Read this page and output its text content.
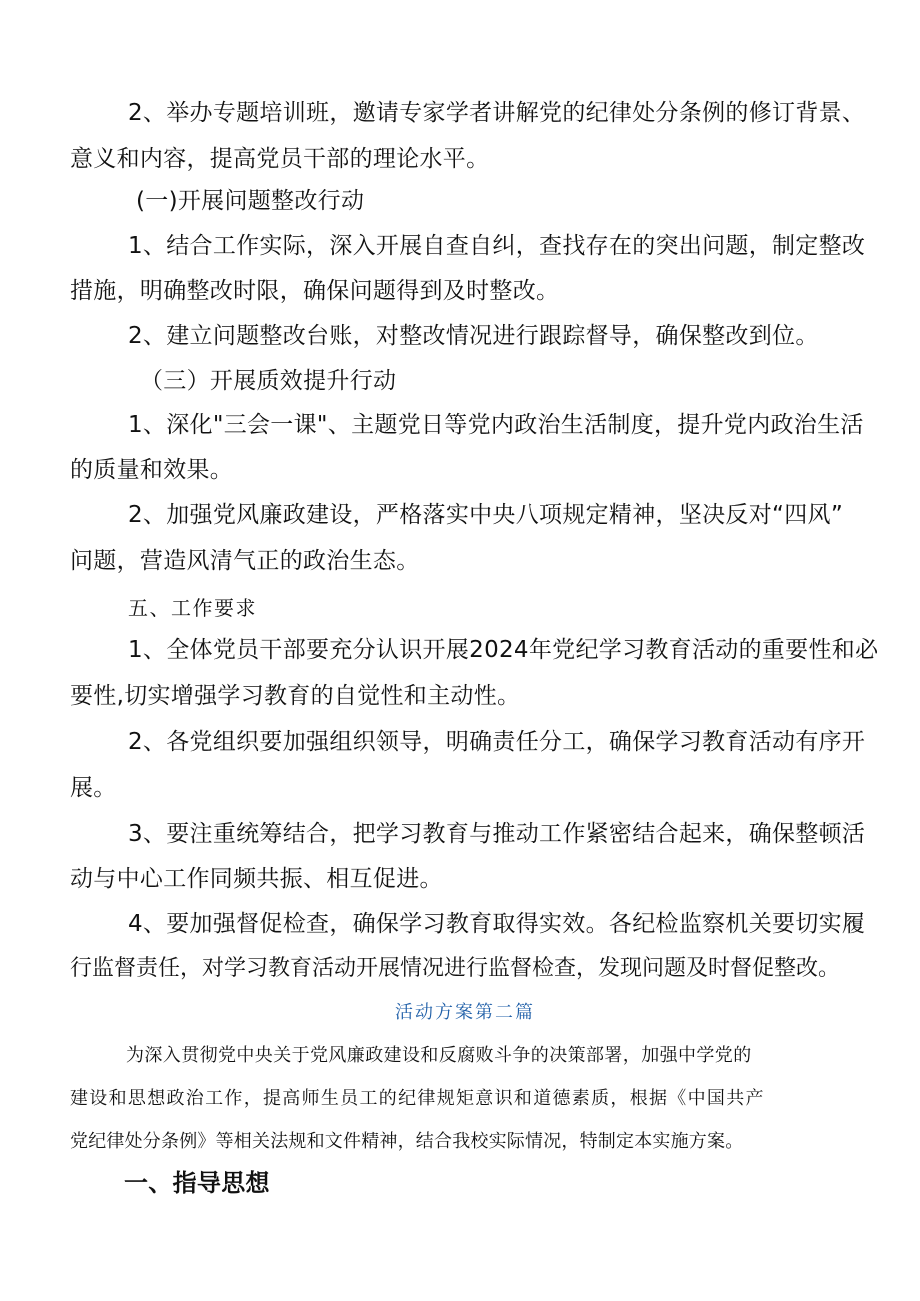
2、举办专题培训班，邀请专家学者讲解党的纪律处分条例的修订背景、
意义和内容，提高党员干部的理论水平。
(一)开展问题整改行动
1、结合工作实际，深入开展自查自纠，查找存在的突出问题，制定整改
措施，明确整改时限，确保问题得到及时整改。
2、建立问题整改台账，对整改情况进行跟踪督导，确保整改到位。
（三）开展质效提升行动
1、深化"三会一课"、主题党日等党内政治生活制度，提升党内政治生活
的质量和效果。
2、加强党风廉政建设，严格落实中央八项规定精神，坚决反对“四风”
问题，营造风清气正的政治生态。
五、工作要求
1、全体党员干部要充分认识开展2024年党纪学习教育活动的重要性和必
要性,切实增强学习教育的自觉性和主动性。
2、各党组织要加强组织领导，明确责任分工，确保学习教育活动有序开
展。
3、要注重统筹结合，把学习教育与推动工作紧密结合起来，确保整顿活
动与中心工作同频共振、相互促进。
4、要加强督促检查，确保学习教育取得实效。各纪检监察机关要切实履
行监督责任，对学习教育活动开展情况进行监督检查，发现问题及时督促整改。
活动方案第二篇
为深入贯彻党中央关于党风廉政建设和反腐败斗争的决策部署，加强中学党的
建设和思想政治工作，提高师生员工的纪律规矩意识和道德素质，根据《中国共产
党纪律处分条例》等相关法规和文件精神，结合我校实际情况，特制定本实施方案。
一、指导思想
